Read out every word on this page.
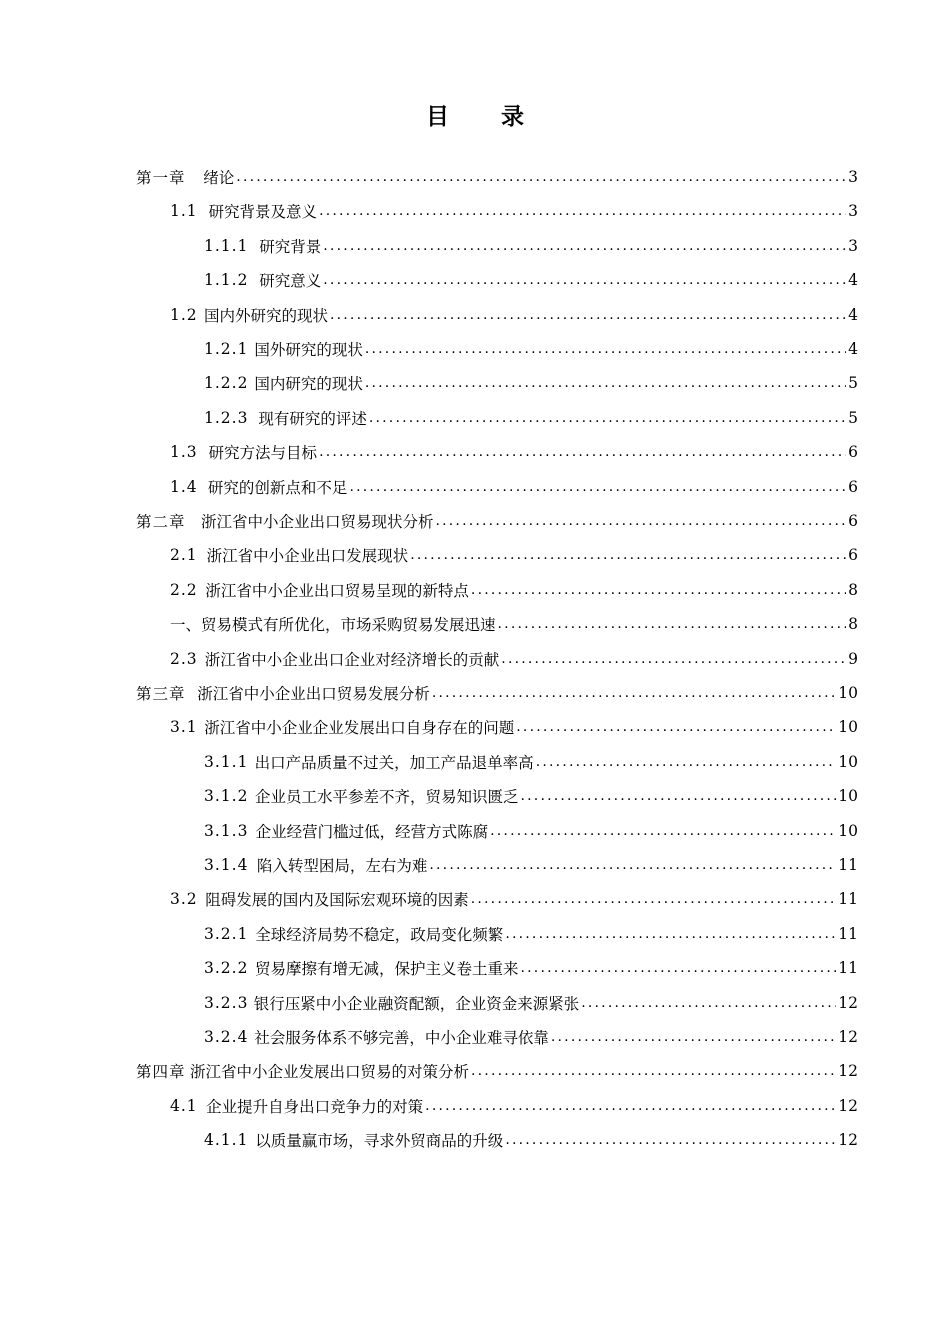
目 录
第一章 绪论 .....	3
1.1 研究背景及意义 .....	3
1.1.1 研究背景 .....	3
1.1.2 研究意义 .....	4
1.2 国内外研究的现状 .....	4
1.2.1 国外研究的现状 .....	4
1.2.2 国内研究的现状 .....	5
1.2.3 现有研究的评述 .....	5
1.3 研究方法与目标 .....	6
1.4 研究的创新点和不足 .....	6
第二章 浙江省中小企业出口贸易现状分析 .....	6
2.1 浙江省中小企业出口发展现状 .....	6
2.2 浙江省中小企业出口贸易呈现的新特点 .....	8
一、贸易模式有所优化，市场采购贸易发展迅速 .....	8
2.3 浙江省中小企业出口企业对经济增长的贡献 .....	9
第三章 浙江省中小企业出口贸易发展分析 .....	10
3.1 浙江省中小企业企业发展出口自身存在的问题 .....	10
3.1.1 出口产品质量不过关，加工产品退单率高 .....	10
3.1.2 企业员工水平参差不齐，贸易知识匮乏 .....	10
3.1.3 企业经营门槛过低，经营方式陈腐 .....	10
3.1.4 陷入转型困局，左右为难 .....	11
3.2 阻碍发展的国内及国际宏观环境的因素 .....	11
3.2.1 全球经济局势不稳定，政局变化频繁 .....	11
3.2.2 贸易摩擦有增无减，保护主义卷土重来 .....	11
3.2.3 银行压紧中小企业融资配额，企业资金来源紧张 .....	12
3.2.4 社会服务体系不够完善，中小企业难寻依靠 .....	12
第四章 浙江省中小企业发展出口贸易的对策分析 .....	12
4.1 企业提升自身出口竞争力的对策 .....	12
4.1.1 以质量赢市场，寻求外贸商品的升级 .....	12
